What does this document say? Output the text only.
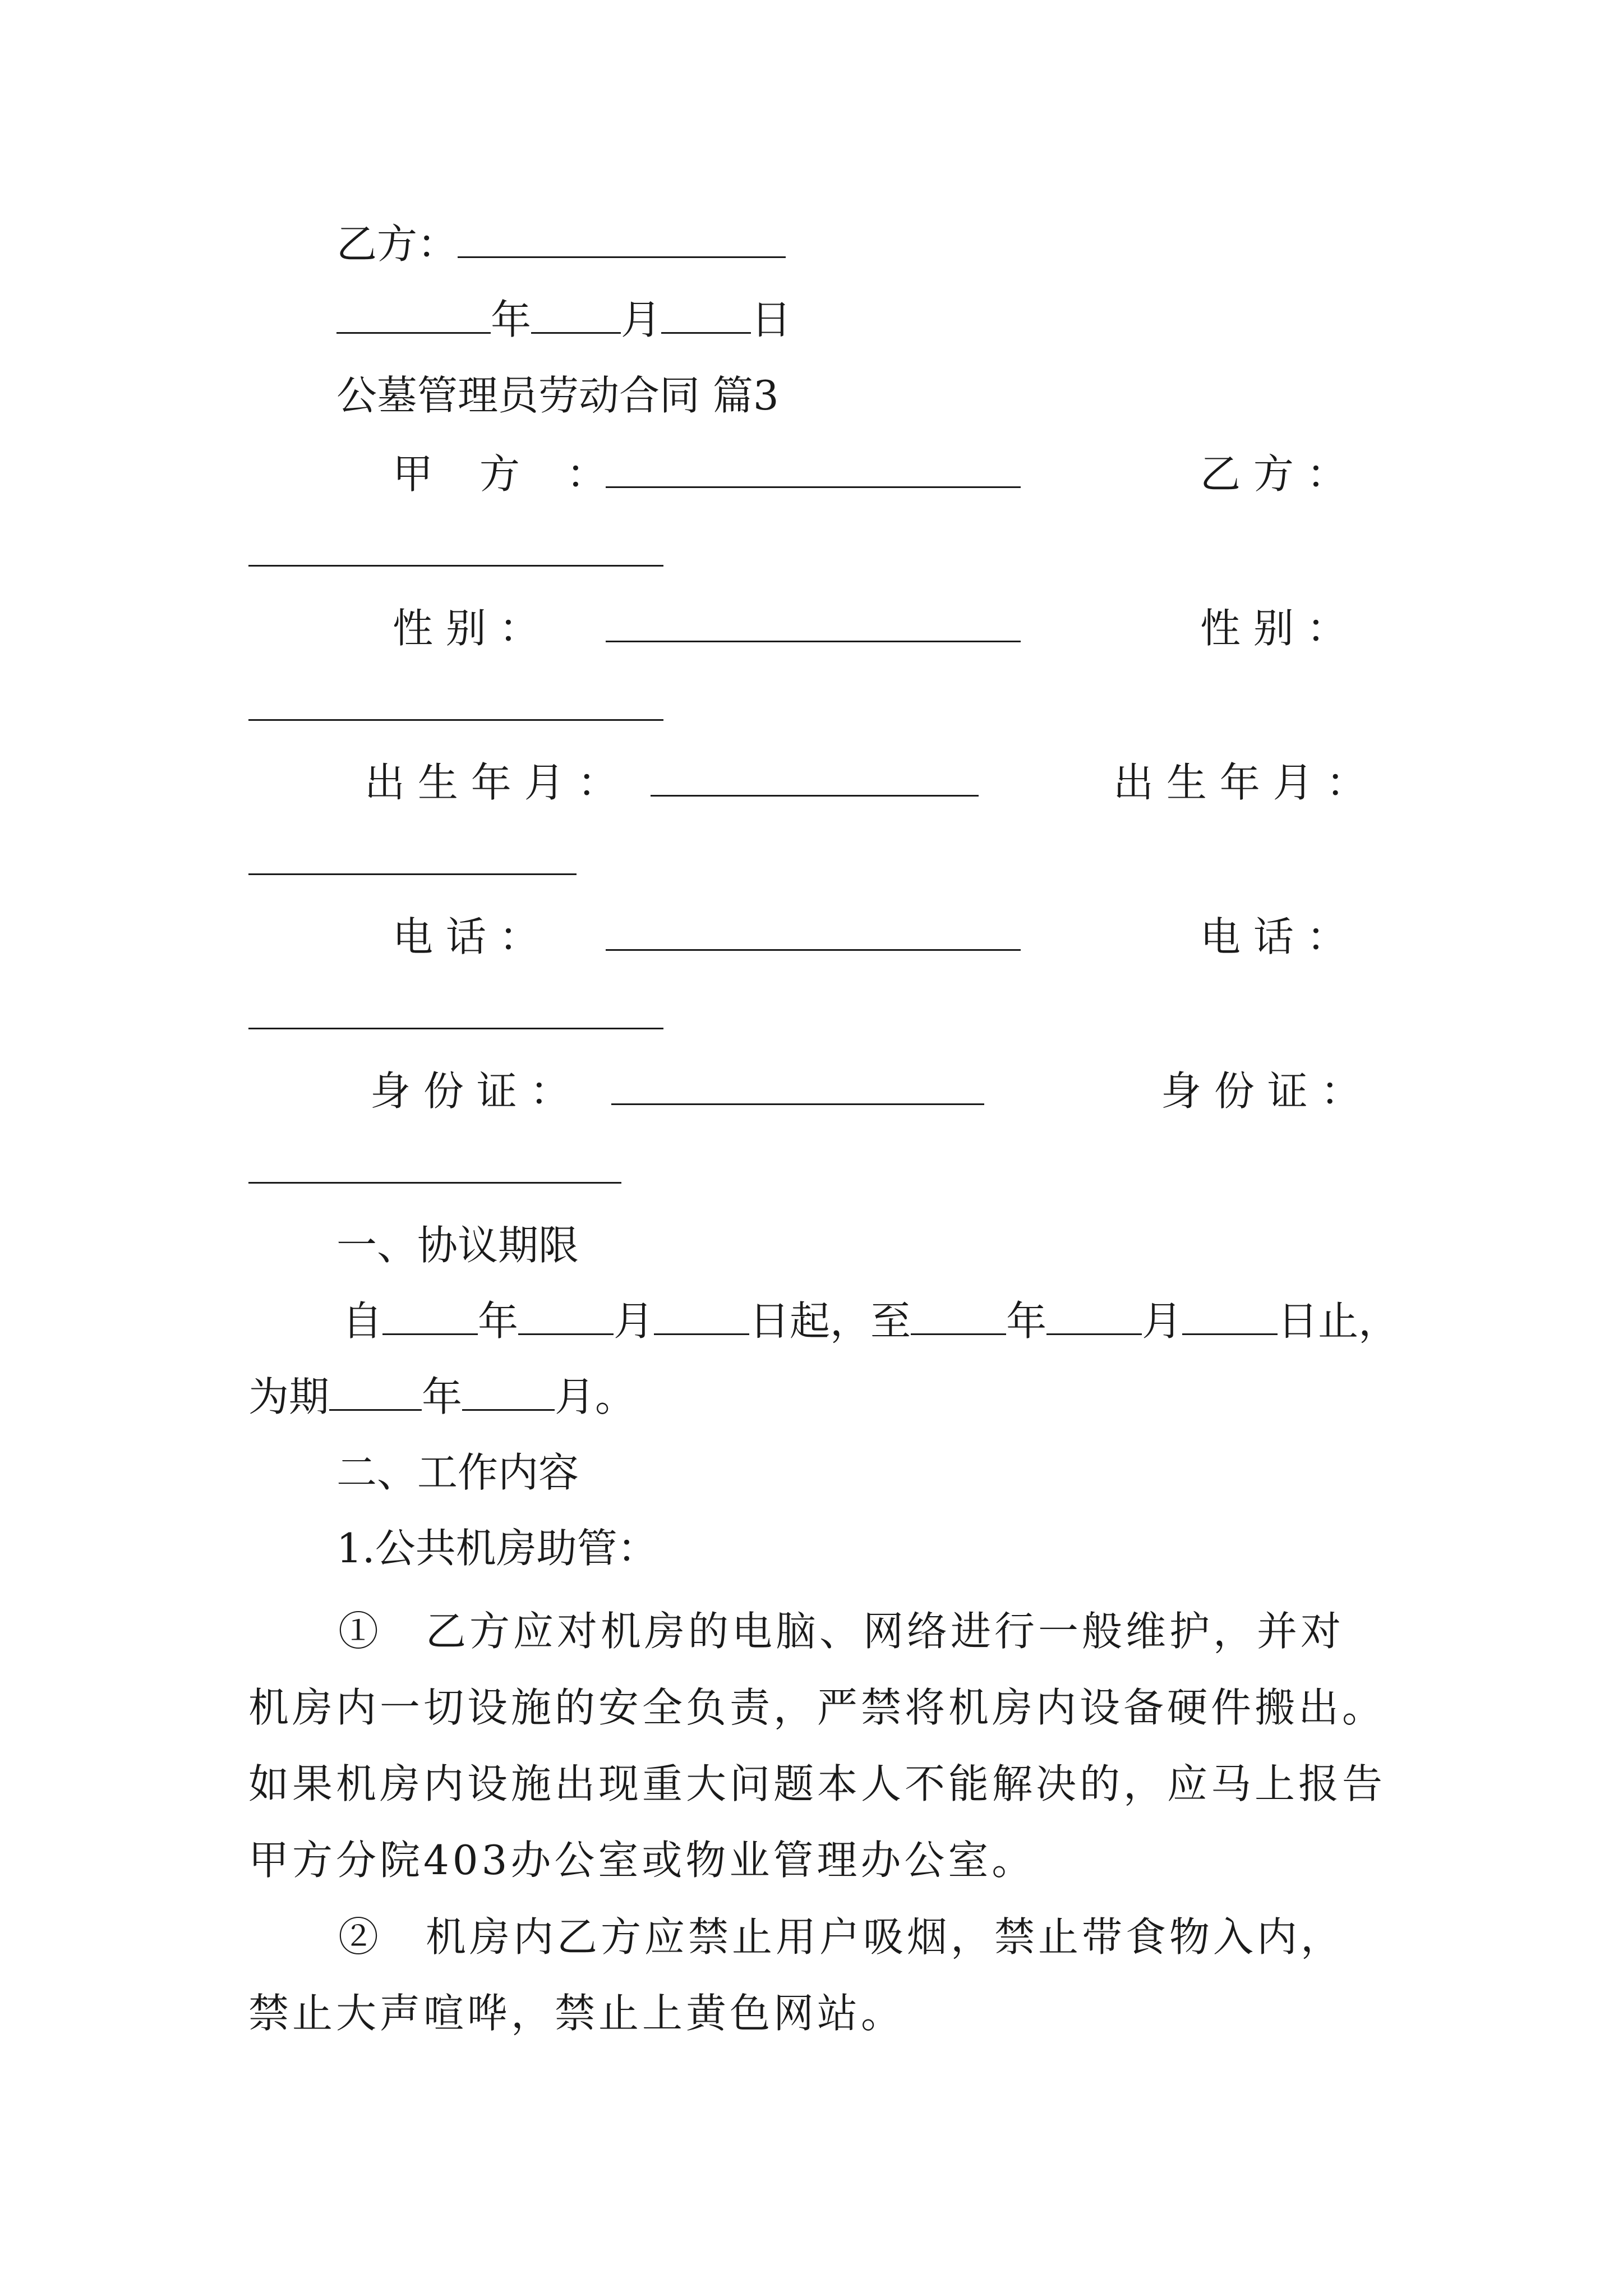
乙方：
年 月 日
公墓管理员劳动合同 篇3
甲 方 ：	乙 方 ：
性 别 ：	性 别 ：
出 生 年 月 ：	出 生 年 月 ：
电 话 ：	电 话 ：
身 份 证 ：	身 份 证 ：
一、协议期限
自 年 月 日起，至 年 月 日止，
为期 年 月。
二、工作内容
1.公共机房助管：
①　乙方应对机房的电脑、网络进行一般维护，并对机房内一切设施的安全负责，严禁将机房内设备硬件搬出。如果机房内设施出现重大问题本人不能解决的，应马上报告甲方分院403办公室或物业管理办公室。
②　机房内乙方应禁止用户吸烟，禁止带食物入内，禁止大声喧哗，禁止上黄色网站。
